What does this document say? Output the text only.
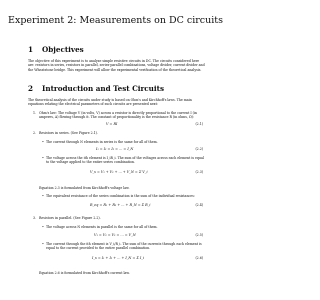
Experiment 2: Measurements on DC circuits
1 Objectives

The objective of this experiment is to analyze simple resistive circuits in DC. The circuits considered here

are: resistors in series, resistors in parallel, series-parallel combinations, voltage divider, current divider and

the Wheatstone bridge. This experiment will allow the experimental verification of the theoretical analysis.

2 Introduction and Test Circuits

The theoretical analysis of the circuits under study is based on Ohm's and Kirchhoff's laws. The main

equations relating the electrical parameters of such circuits are presented next:

1. Ohm's law: The voltage V (in volts, V) across a resistor is directly proportional to the current I (in

amperes, A) flowing through it. The constant of proportionality is the resistance R (in ohms, Ω):

V = RI	(2.1)
2. Resistors in series. (See Figure 2.1).

• The current through N elements in series is the same for all of them.

I₁ = I₂ = I₃ = ... = I_N	(2.2)
• The voltage across the ith element is I_iR_i. The sum of the voltages across each element is equal

to the voltage applied to the entire series combination.

V_s = V₁ + V₂ + ... + V_N = Σ V_i	(2.3)

Equation 2.3 is formulated from Kirchhoff's voltage law.

• The equivalent resistance of the series combination is the sum of the individual resistances:

R_eq = R₁ + R₂ + ... + R_N = Σ R_i	(2.4)
3. Resistors in parallel. (See Figure 2.2).

• The voltage across N elements in parallel is the same for all of them.

V₁ = V₂ = V₃ = ... = V_N	(2.5)
• The current through the ith element is V_i/R_i. The sum of the currents through each element is

equal to the current provided to the entire parallel combination.

I_s = I₁ + I₂ + ... + I_N = Σ I_i	(2.6)

Equation 2.6 is formulated from Kirchhoff's current law.
